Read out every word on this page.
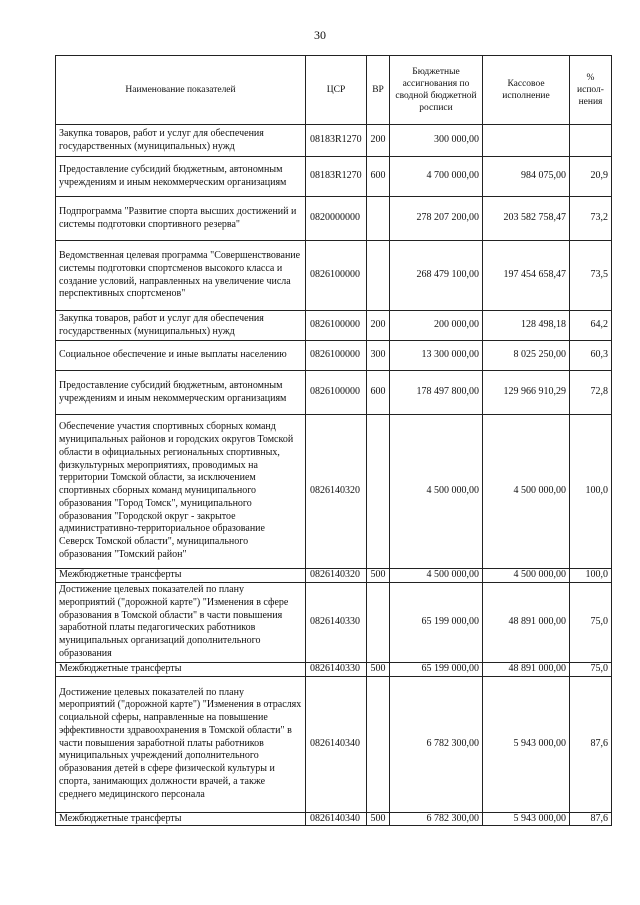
30
Наименование показателей	ЦСР	ВР	Бюджетные ассигнования по сводной бюджетной росписи	Кассовое исполнение	% испол-нения
Закупка товаров, работ и услуг для обеспечения государственных (муниципальных) нужд	08183R1270	200	300 000,00		
Предоставление субсидий бюджетным, автономным учреждениям и иным некоммерческим организациям	08183R1270	600	4 700 000,00	984 075,00	20,9
Подпрограмма "Развитие спорта высших достижений и системы подготовки спортивного резерва"	0820000000		278 207 200,00	203 582 758,47	73,2
Ведомственная целевая программа "Совершенствование системы подготовки спортсменов высокого класса и создание условий, направленных на увеличение числа перспективных спортсменов"	0826100000		268 479 100,00	197 454 658,47	73,5
Закупка товаров, работ и услуг для обеспечения государственных (муниципальных) нужд	0826100000	200	200 000,00	128 498,18	64,2
Социальное обеспечение и иные выплаты населению	0826100000	300	13 300 000,00	8 025 250,00	60,3
Предоставление субсидий бюджетным, автономным учреждениям и иным некоммерческим организациям	0826100000	600	178 497 800,00	129 966 910,29	72,8
Обеспечение участия спортивных сборных команд муниципальных районов и городских округов Томской области в официальных региональных спортивных, физкультурных мероприятиях, проводимых на территории Томской области, за исключением спортивных сборных команд муниципального образования "Город Томск", муниципального образования "Городской округ - закрытое административно-территориальное образование Северск Томской области", муниципального образования "Томский район"	0826140320		4 500 000,00	4 500 000,00	100,0
Межбюджетные трансферты	0826140320	500	4 500 000,00	4 500 000,00	100,0
Достижение целевых показателей по плану мероприятий ("дорожной карте") "Изменения в сфере образования в Томской области" в части повышения заработной платы педагогических работников муниципальных организаций дополнительного образования	0826140330		65 199 000,00	48 891 000,00	75,0
Межбюджетные трансферты	0826140330	500	65 199 000,00	48 891 000,00	75,0
Достижение целевых показателей по плану мероприятий ("дорожной карте") "Изменения в отраслях социальной сферы, направленные на повышение эффективности здравоохранения в Томской области" в части повышения заработной платы работников муниципальных учреждений дополнительного образования детей в сфере физической культуры и спорта, занимающих должности врачей, а также среднего медицинского персонала	0826140340		6 782 300,00	5 943 000,00	87,6
Межбюджетные трансферты	0826140340	500	6 782 300,00	5 943 000,00	87,6
